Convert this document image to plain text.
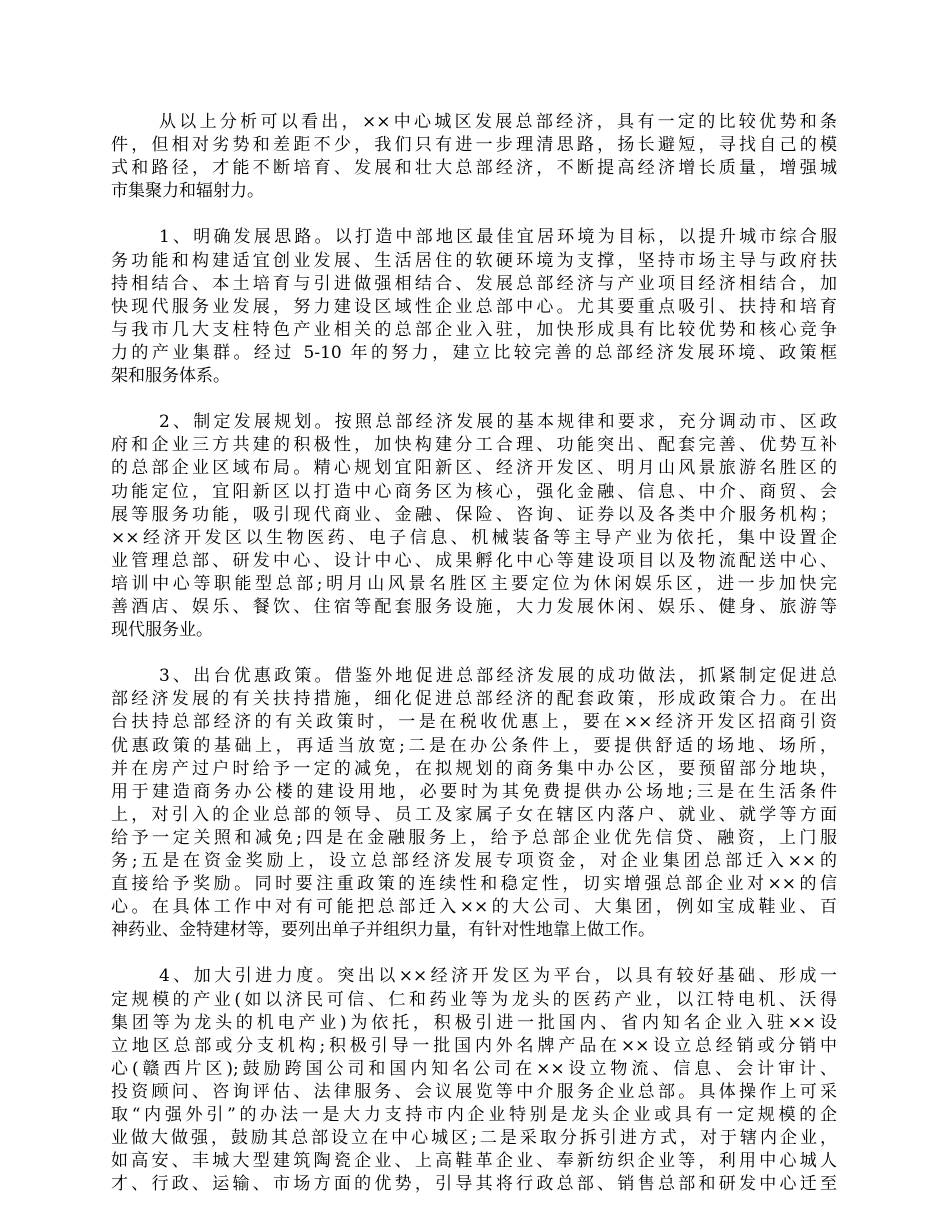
从以上分析可以看出，××中心城区发展总部经济，具有一定的比较优势和条
件，但相对劣势和差距不少，我们只有进一步理清思路，扬长避短，寻找自己的模
式和路径，才能不断培育、发展和壮大总部经济，不断提高经济增长质量，增强城
市集聚力和辐射力。
1、明确发展思路。以打造中部地区最佳宜居环境为目标，以提升城市综合服
务功能和构建适宜创业发展、生活居住的软硬环境为支撑，坚持市场主导与政府扶
持相结合、本土培育与引进做强相结合、发展总部经济与产业项目经济相结合，加
快现代服务业发展，努力建设区域性企业总部中心。尤其要重点吸引、扶持和培育
与我市几大支柱特色产业相关的总部企业入驻，加快形成具有比较优势和核心竞争
力的产业集群。经过 5-10 年的努力，建立比较完善的总部经济发展环境、政策框
架和服务体系。
2、制定发展规划。按照总部经济发展的基本规律和要求，充分调动市、区政
府和企业三方共建的积极性，加快构建分工合理、功能突出、配套完善、优势互补
的总部企业区域布局。精心规划宜阳新区、经济开发区、明月山风景旅游名胜区的
功能定位，宜阳新区以打造中心商务区为核心，强化金融、信息、中介、商贸、会
展等服务功能，吸引现代商业、金融、保险、咨询、证券以及各类中介服务机构；
××经济开发区以生物医药、电子信息、机械装备等主导产业为依托，集中设置企
业管理总部、研发中心、设计中心、成果孵化中心等建设项目以及物流配送中心、
培训中心等职能型总部;明月山风景名胜区主要定位为休闲娱乐区，进一步加快完
善酒店、娱乐、餐饮、住宿等配套服务设施，大力发展休闲、娱乐、健身、旅游等
现代服务业。
3、出台优惠政策。借鉴外地促进总部经济发展的成功做法，抓紧制定促进总
部经济发展的有关扶持措施，细化促进总部经济的配套政策，形成政策合力。在出
台扶持总部经济的有关政策时，一是在税收优惠上，要在××经济开发区招商引资
优惠政策的基础上，再适当放宽;二是在办公条件上，要提供舒适的场地、场所，
并在房产过户时给予一定的减免，在拟规划的商务集中办公区，要预留部分地块，
用于建造商务办公楼的建设用地，必要时为其免费提供办公场地;三是在生活条件
上，对引入的企业总部的领导、员工及家属子女在辖区内落户、就业、就学等方面
给予一定关照和减免;四是在金融服务上，给予总部企业优先信贷、融资，上门服
务;五是在资金奖励上，设立总部经济发展专项资金，对企业集团总部迁入××的
直接给予奖励。同时要注重政策的连续性和稳定性，切实增强总部企业对××的信
心。在具体工作中对有可能把总部迁入××的大公司、大集团，例如宝成鞋业、百
神药业、金特建材等，要列出单子并组织力量，有针对性地靠上做工作。
4、加大引进力度。突出以××经济开发区为平台，以具有较好基础、形成一
定规模的产业(如以济民可信、仁和药业等为龙头的医药产业，以江特电机、沃得
集团等为龙头的机电产业)为依托，积极引进一批国内、省内知名企业入驻××设
立地区总部或分支机构;积极引导一批国内外名牌产品在××设立总经销或分销中
心(赣西片区);鼓励跨国公司和国内知名公司在××设立物流、信息、会计审计、
投资顾问、咨询评估、法律服务、会议展览等中介服务企业总部。具体操作上可采
取“内强外引”的办法一是大力支持市内企业特别是龙头企业或具有一定规模的企
业做大做强，鼓励其总部设立在中心城区;二是采取分拆引进方式，对于辖内企业，
如高安、丰城大型建筑陶瓷企业、上高鞋革企业、奉新纺织企业等，利用中心城人
才、行政、运输、市场方面的优势，引导其将行政总部、销售总部和研发中心迁至
